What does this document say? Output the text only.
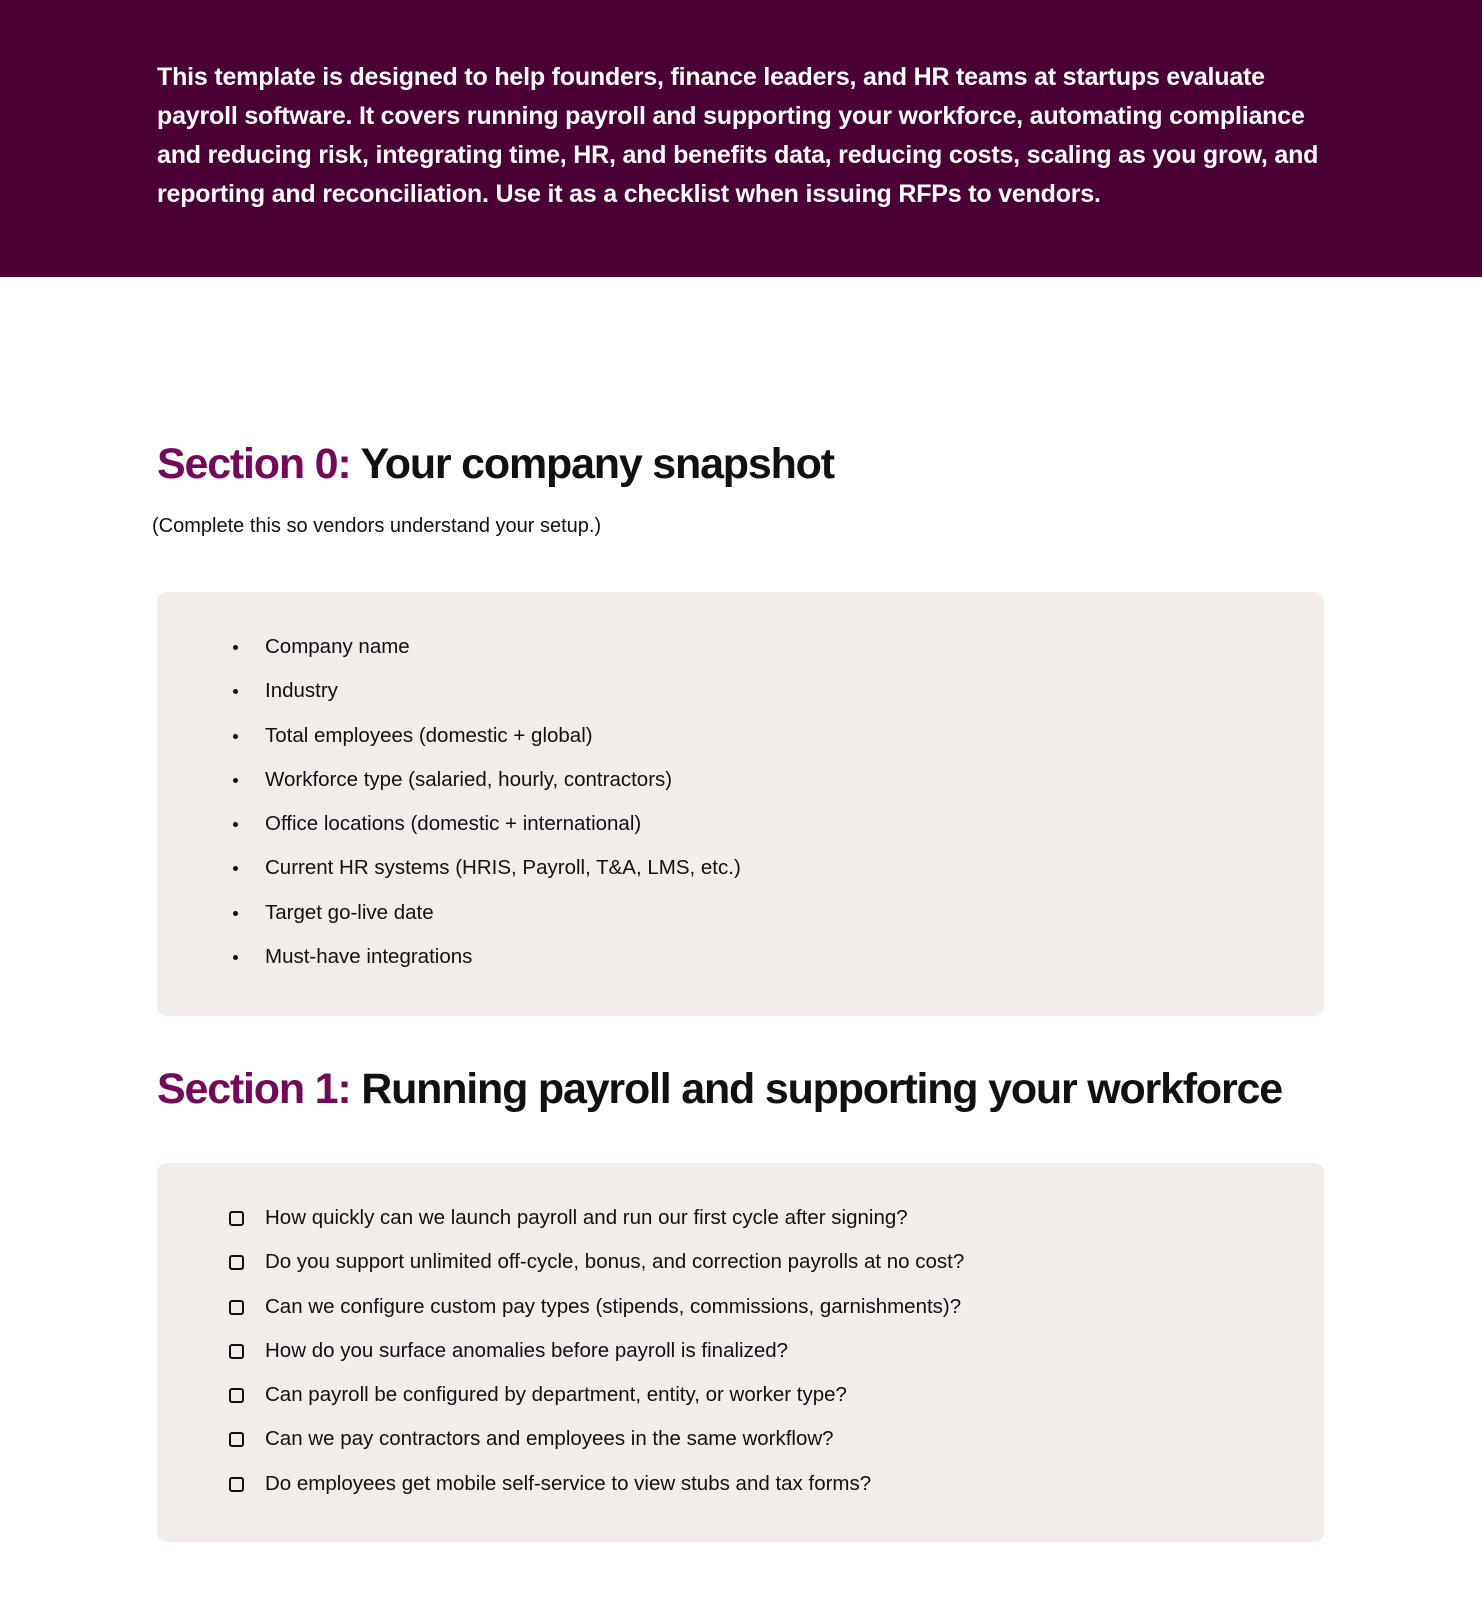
This template is designed to help founders, finance leaders, and HR teams at startups evaluate payroll software. It covers running payroll and supporting your workforce, automating compliance and reducing risk, integrating time, HR, and benefits data, reducing costs, scaling as you grow, and reporting and reconciliation. Use it as a checklist when issuing RFPs to vendors.

Section 0: Your company snapshot

(Complete this so vendors understand your setup.)

Company name
Industry
Total employees (domestic + global)
Workforce type (salaried, hourly, contractors)
Office locations (domestic + international)
Current HR systems (HRIS, Payroll, T&A, LMS, etc.)
Target go-live date
Must-have integrations
Section 1: Running payroll and supporting your workforce
How quickly can we launch payroll and run our first cycle after signing?
Do you support unlimited off-cycle, bonus, and correction payrolls at no cost?
Can we configure custom pay types (stipends, commissions, garnishments)?
How do you surface anomalies before payroll is finalized?
Can payroll be configured by department, entity, or worker type?
Can we pay contractors and employees in the same workflow?
Do employees get mobile self-service to view stubs and tax forms?
